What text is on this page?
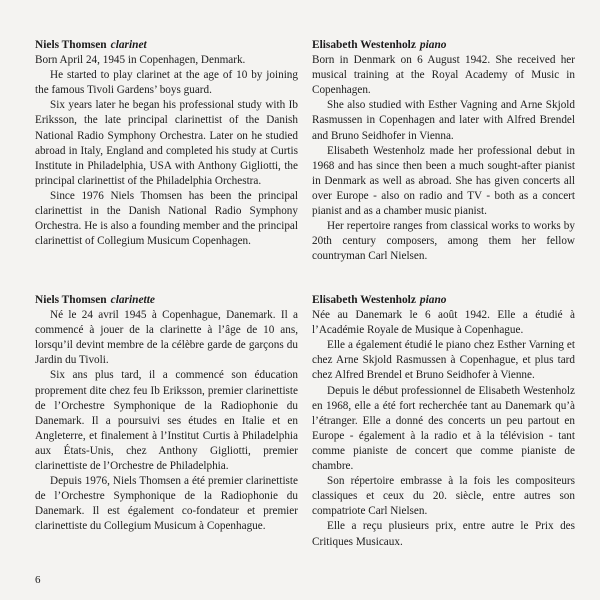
Niels Thomsen clarinet

Born April 24, 1945 in Copenhagen, Denmark.

He started to play clarinet at the age of 10 by joining the famous Tivoli Gardens’ boys guard.

Six years later he began his professional study with Ib Eriksson, the late principal clarinettist of the Danish National Radio Symphony Orchestra. Later on he studied abroad in Italy, England and completed his study at Curtis Institute in Philadelphia, USA with Anthony Gigliotti, the principal clarinettist of the Philadelphia Orchestra.

Since 1976 Niels Thomsen has been the principal clarinettist in the Danish National Radio Symphony Orchestra. He is also a founding member and the principal clarinettist of Collegium Musicum Copenhagen.

Elisabeth Westenholz piano

Born in Denmark on 6 August 1942. She received her musical training at the Royal Academy of Music in Copenhagen.

She also studied with Esther Vagning and Arne Skjold Rasmussen in Copenhagen and later with Alfred Brendel and Bruno Seidhofer in Vienna.

Elisabeth Westenholz made her professional debut in 1968 and has since then been a much sought-after pianist in Denmark as well as abroad. She has given concerts all over Europe - also on radio and TV - both as a concert pianist and as a chamber music pianist.

Her repertoire ranges from classical works to works by 20th century composers, among them her fellow countryman Carl Nielsen.

Niels Thomsen clarinette

Né le 24 avril 1945 à Copenhague, Danemark. Il a commencé à jouer de la clarinette à l’âge de 10 ans, lorsqu’il devint membre de la célèbre garde de garçons du Jardin du Tivoli.

Six ans plus tard, il a commencé son éducation proprement dite chez feu Ib Eriksson, premier clarinettiste de l’Orchestre Symphonique de la Radiophonie du Danemark. Il a poursuivi ses études en Italie et en Angleterre, et finalement à l’Institut Curtis à Philadelphia aux États-Unis, chez Anthony Gigliotti, premier clarinettiste de l’Orchestre de Philadelphia.

Depuis 1976, Niels Thomsen a été premier clarinettiste de l’Orchestre Symphonique de la Radiophonie du Danemark. Il est également co-fondateur et premier clarinettiste du Collegium Musicum à Copenhague.

Elisabeth Westenholz piano

Née au Danemark le 6 août 1942. Elle a étudié à l’Académie Royale de Musique à Copenhague.

Elle a également étudié le piano chez Esther Varning et chez Arne Skjold Rasmussen à Copenhague, et plus tard chez Alfred Brendel et Bruno Seidhofer à Vienne.

Depuis le début professionnel de Elisabeth Westenholz en 1968, elle a été fort recherchée tant au Danemark qu’à l’étranger. Elle a donné des concerts un peu partout en Europe - également à la radio et à la télévision - tant comme pianiste de concert que comme pianiste de chambre.

Son répertoire embrasse à la fois les compositeurs classiques et ceux du 20. siècle, entre autres son compatriote Carl Nielsen.

Elle a reçu plusieurs prix, entre autre le Prix des Critiques Musicaux.

6
